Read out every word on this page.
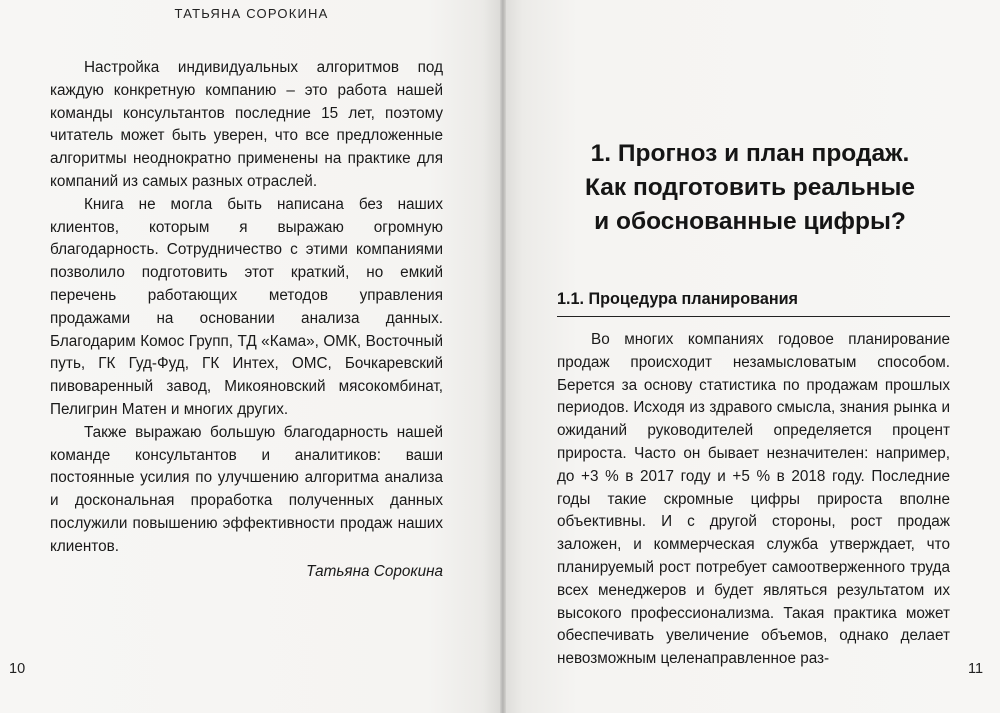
ТАТЬЯНА СОРОКИНА

Настройка индивидуальных алгоритмов под каждую конкретную компанию – это работа нашей команды консультантов последние 15 лет, поэтому читатель может быть уверен, что все предложенные алгоритмы неоднократно применены на практике для компаний из самых разных отраслей.

Книга не могла быть написана без наших клиентов, которым я выражаю огромную благодарность. Сотрудничество с этими компаниями позволило подготовить этот краткий, но емкий перечень работающих методов управления продажами на основании анализа данных. Благодарим Комос Групп, ТД «Кама», ОМК, Восточный путь, ГК Гуд-Фуд, ГК Интех, ОМС, Бочкаревский пивоваренный завод, Микояновский мясокомбинат, Пелигрин Матен и многих других.

Также выражаю большую благодарность нашей команде консультантов и аналитиков: ваши постоянные усилия по улучшению алгоритма анализа и доскональная проработка полученных данных послужили повышению эффективности продаж наших клиентов.

Татьяна Сорокина

10
1. Прогноз и план продаж.
Как подготовить реальные
и обоснованные цифры?
1.1. Процедура планирования

Во многих компаниях годовое планирование продаж происходит незамысловатым способом. Берется за основу статистика по продажам прошлых периодов. Исходя из здравого смысла, знания рынка и ожиданий руководителей определяется процент прироста. Часто он бывает незначителен: например, до +3 % в 2017 году и +5 % в 2018 году. Последние годы такие скромные цифры прироста вполне объективны. И с другой стороны, рост продаж заложен, и коммерческая служба утверждает, что планируемый рост потребует самоотверженного труда всех менеджеров и будет являться результатом их высокого профессионализма. Такая практика может обеспечивать увеличение объемов, однако делает невозможным целенаправленное раз-

11
